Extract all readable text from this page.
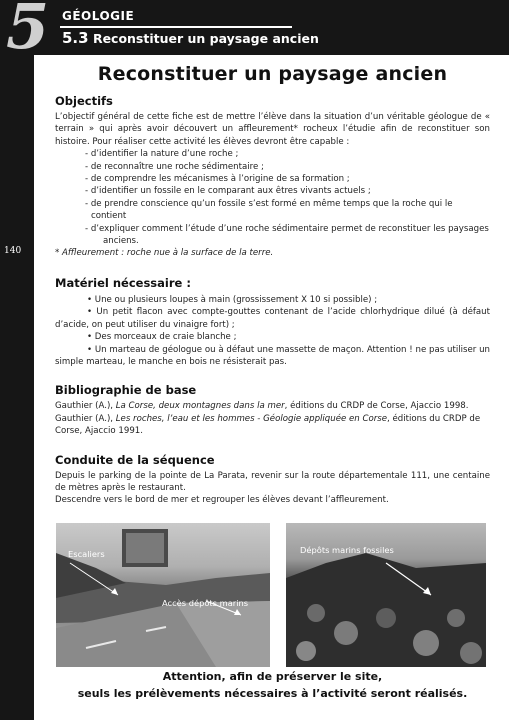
5 GÉOLOGIE
5.3 Reconstituer un paysage ancien
140
Reconstituer un paysage ancien
Objectifs

L’objectif général de cette fiche est de mettre l’élève dans la situation d’un véritable géologue de « terrain » qui après avoir découvert un affleurement* rocheux l’étudie afin de reconstituer son histoire. Pour réaliser cette activité les élèves devront être capable :

- d’identifier la nature d’une roche ;
- de reconnaître une roche sédimentaire ;
- de comprendre les mécanismes à l’origine de sa formation ;
- d’identifier un fossile en le comparant aux êtres vivants actuels ;
- de prendre conscience qu’un fossile s’est formé en même temps que la roche qui le contient
- d’expliquer comment l’étude d’une roche sédimentaire permet de reconstituer les paysages
anciens.

* Affleurement : roche nue à la surface de la terre.

Matériel nécessaire :
• Une ou plusieurs loupes à main (grossissement X 10 si possible) ;
• Un petit flacon avec compte-gouttes contenant de l’acide chlorhydrique dilué (à défaut d’acide, on peut utiliser du vinaigre fort) ;
• Des morceaux de craie blanche ;
• Un marteau de géologue ou à défaut une massette de maçon. Attention ! ne pas utiliser un simple marteau, le manche en bois ne résisterait pas.
Bibliographie de base

Gauthier (A.), La Corse, deux montagnes dans la mer, éditions du CRDP de Corse, Ajaccio 1998.

Gauthier (A.), Les roches, l’eau et les hommes - Géologie appliquée en Corse, éditions du CRDP de Corse, Ajaccio 1991.

Conduite de la séquence

Depuis le parking de la pointe de La Parata, revenir sur la route départementale 111, une centaine de mètres après le restaurant.

Descendre vers le bord de mer et regrouper les élèves devant l’affleurement.

Escaliers
Accès dépôts marins
Dépôts marins fossiles
Attention, afin de préserver le site,
seuls les prélèvements nécessaires à l’activité seront réalisés.
